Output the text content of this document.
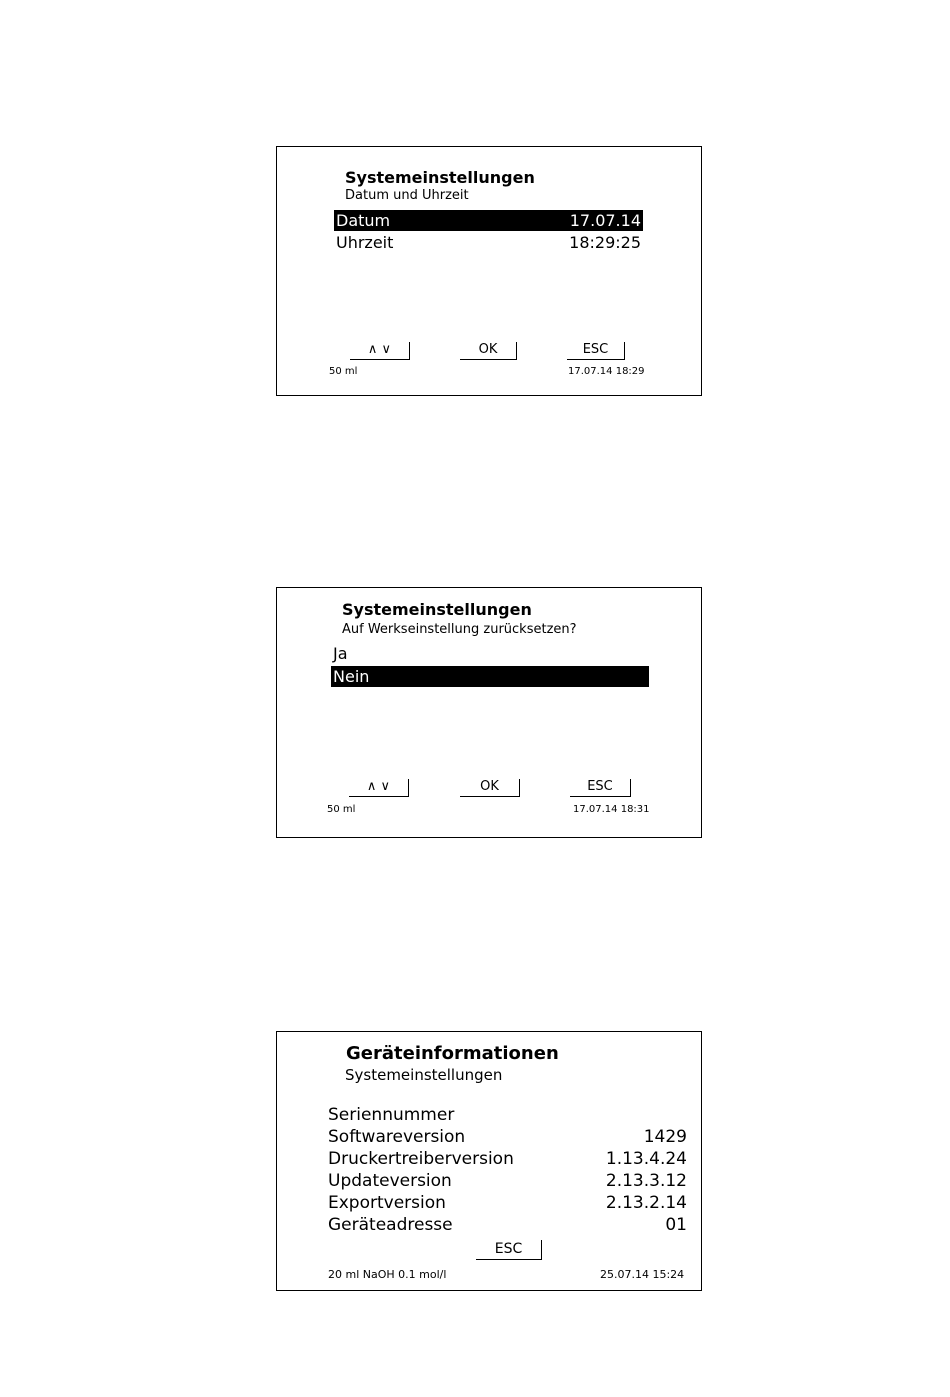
Systemeinstellungen
Datum und Uhrzeit
Datum	17.07.14
Uhrzeit	18:29:25
∧ ∨	OK	ESC
50 ml	17.07.14 18:29
Systemeinstellungen
Auf Werkseinstellung zurücksetzen?
Ja
Nein
∧ ∨	OK	ESC
50 ml	17.07.14 18:31
Geräteinformationen
Systemeinstellungen
Seriennummer
Softwareversion	1429
Druckertreiberversion	1.13.4.24
Updateversion	2.13.3.12
Exportversion	2.13.2.14
Geräteadresse	01
ESC
20 ml NaOH 0.1 mol/l	25.07.14 15:24
